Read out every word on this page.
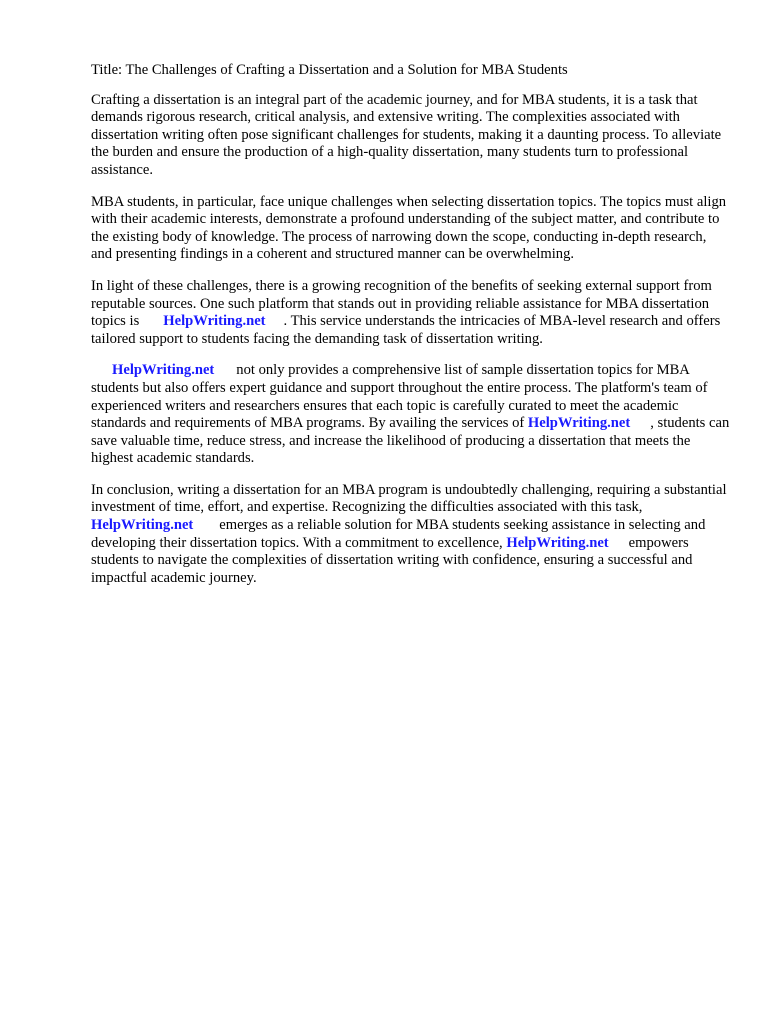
Title: The Challenges of Crafting a Dissertation and a Solution for MBA Students

Crafting a dissertation is an integral part of the academic journey, and for MBA students, it is a task that demands rigorous research, critical analysis, and extensive writing. The complexities associated with dissertation writing often pose significant challenges for students, making it a daunting process. To alleviate the burden and ensure the production of a high-quality dissertation, many students turn to professional assistance.

MBA students, in particular, face unique challenges when selecting dissertation topics. The topics must align with their academic interests, demonstrate a profound understanding of the subject matter, and contribute to the existing body of knowledge. The process of narrowing down the scope, conducting in-depth research, and presenting findings in a coherent and structured manner can be overwhelming.

In light of these challenges, there is a growing recognition of the benefits of seeking external support from reputable sources. One such platform that stands out in providing reliable assistance for MBA dissertation topics is HelpWriting.net . This service understands the intricacies of MBA-level research and offers tailored support to students facing the demanding task of dissertation writing.

HelpWriting.net not only provides a comprehensive list of sample dissertation topics for MBA students but also offers expert guidance and support throughout the entire process. The platform's team of experienced writers and researchers ensures that each topic is carefully curated to meet the academic standards and requirements of MBA programs. By availing the services of HelpWriting.net , students can save valuable time, reduce stress, and increase the likelihood of producing a dissertation that meets the highest academic standards.

In conclusion, writing a dissertation for an MBA program is undoubtedly challenging, requiring a substantial investment of time, effort, and expertise. Recognizing the difficulties associated with this task,HelpWriting.net emerges as a reliable solution for MBA students seeking assistance in selecting and developing their dissertation topics. With a commitment to excellence, HelpWriting.net empowers students to navigate the complexities of dissertation writing with confidence, ensuring a successful and impactful academic journey.
